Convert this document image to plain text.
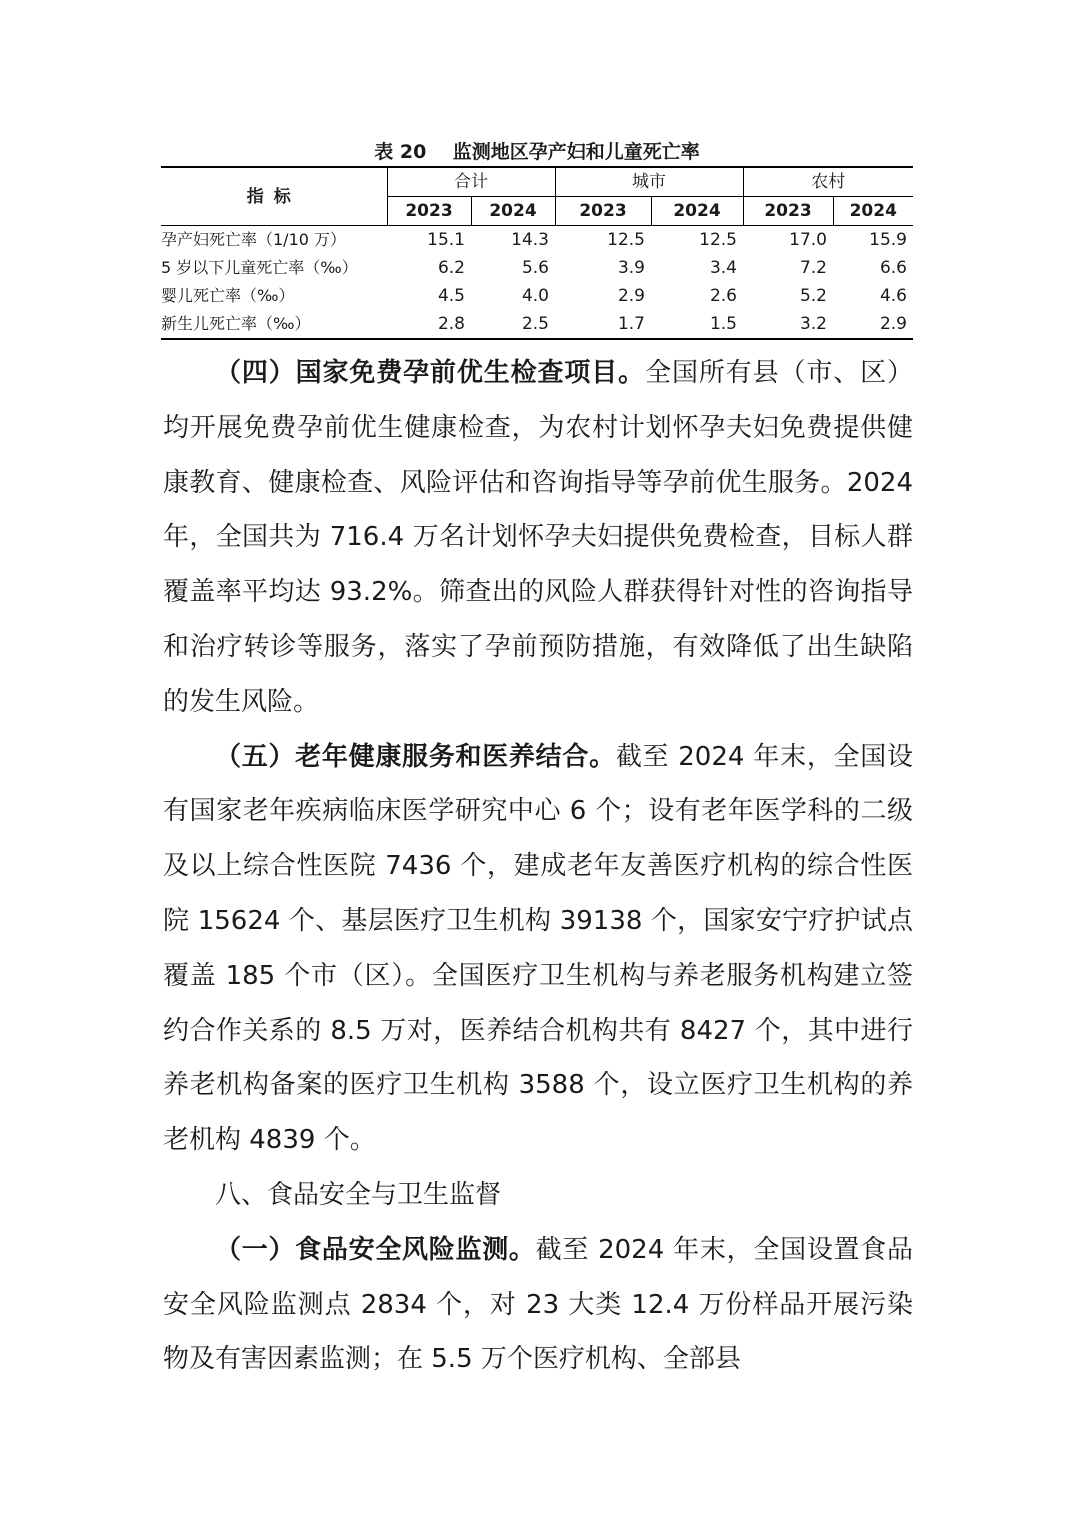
表 20    监测地区孕产妇和儿童死亡率
指标	合计		城市		农村	
	2023	2024	2023	2024	2023	2024
孕产妇死亡率（1/10 万）	15.1	14.3	12.5	12.5	17.0	15.9
5 岁以下儿童死亡率（‰）	6.2	5.6	3.9	3.4	7.2	6.6
婴儿死亡率（‰）	4.5	4.0	2.9	2.6	5.2	4.6
新生儿死亡率（‰）	2.8	2.5	1.7	1.5	3.2	2.9

（四）国家免费孕前优生检查项目。全国所有县（市、区）均开展免费孕前优生健康检查，为农村计划怀孕夫妇免费提供健康教育、健康检查、风险评估和咨询指导等孕前优生服务。2024 年，全国共为 716.4 万名计划怀孕夫妇提供免费检查，目标人群覆盖率平均达 93.2%。筛查出的风险人群获得针对性的咨询指导和治疗转诊等服务，落实了孕前预防措施，有效降低了出生缺陷的发生风险。

（五）老年健康服务和医养结合。截至 2024 年末，全国设有国家老年疾病临床医学研究中心 6 个；设有老年医学科的二级及以上综合性医院 7436 个，建成老年友善医疗机构的综合性医院 15624 个、基层医疗卫生机构 39138 个，国家安宁疗护试点覆盖 185 个市（区）。全国医疗卫生机构与养老服务机构建立签约合作关系的 8.5 万对，医养结合机构共有 8427 个，其中进行养老机构备案的医疗卫生机构 3588 个，设立医疗卫生机构的养老机构 4839 个。

八、食品安全与卫生监督

（一）食品安全风险监测。截至 2024 年末，全国设置食品安全风险监测点 2834 个，对 23 大类 12.4 万份样品开展污染物及有害因素监测；在 5.5 万个医疗机构、全部县
